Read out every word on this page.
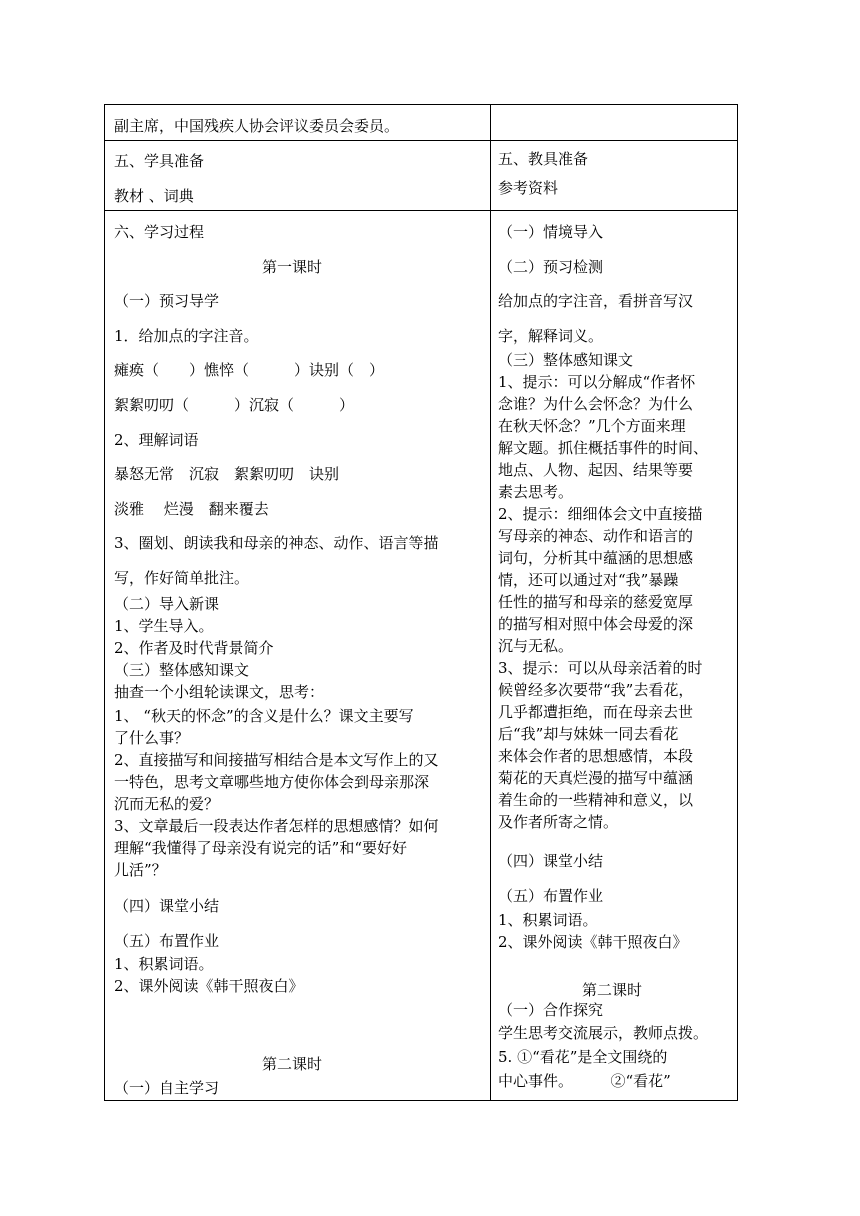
副主席，中国残疾人协会评议委员会委员。

五、学具准备

教材 、词典

五、教具准备

参考资料

六、学习过程

第一课时

（一）预习导学

1．给加点的字注音。

瘫痪（　　）憔悴（　　　）诀别（　）

絮絮叨叨（　　　）沉寂（　　　）

2、理解词语

暴怒无常　沉寂　絮絮叨叨　诀别

淡雅　 烂漫　翻来覆去

3、圈划、朗读我和母亲的神态、动作、语言等描

写，作好简单批注。

（二）导入新课

1、学生导入。

2、作者及时代背景简介

（三）整体感知课文

抽查一个小组轮读课文，思考：

1、 “秋天的怀念”的含义是什么？课文主要写

了什么事？

2、直接描写和间接描写相结合是本文写作上的又

一特色，思考文章哪些地方使你体会到母亲那深

沉而无私的爱？

3、文章最后一段表达作者怎样的思想感情？如何

理解“我懂得了母亲没有说完的话”和“要好好

儿活”？

（四）课堂小结

（五）布置作业

1、积累词语。

2、课外阅读《韩干照夜白》

第二课时

（一）自主学习

（一）情境导入

（二）预习检测

给加点的字注音，看拼音写汉

字，解释词义。

（三）整体感知课文

1、提示：可以分解成“作者怀

念谁？为什么会怀念？为什么

在秋天怀念？”几个方面来理

解文题。抓住概括事件的时间、

地点、人物、起因、结果等要

素去思考。

2、提示：细细体会文中直接描

写母亲的神态、动作和语言的

词句，分析其中蕴涵的思想感

情，还可以通过对“我”暴躁

任性的描写和母亲的慈爱宽厚

的描写相对照中体会母爱的深

沉与无私。

3、提示：可以从母亲活着的时

候曾经多次要带“我”去看花，

几乎都遭拒绝，而在母亲去世

后“我”却与妹妹一同去看花

来体会作者的思想感情，本段

菊花的天真烂漫的描写中蕴涵

着生命的一些精神和意义，以

及作者所寄之情。

（四）课堂小结

（五）布置作业

1、积累词语。

2、课外阅读《韩干照夜白》

第二课时

（一）合作探究

学生思考交流展示，教师点拨。

5. ①“看花”是全文围绕的

中心事件。　　　②“看花”
